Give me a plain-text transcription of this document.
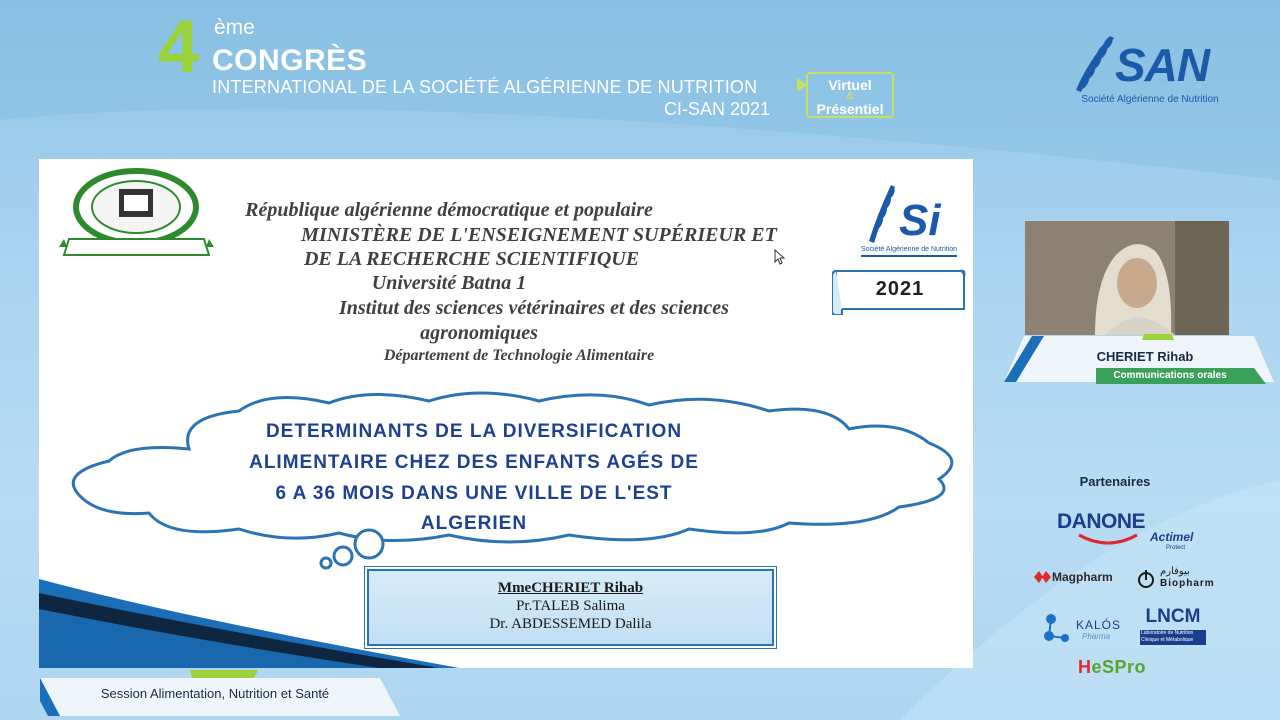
4 ème
CONGRÈS
INTERNATIONAL DE LA SOCIÉTÉ ALGÉRIENNE DE NUTRITION
CI-SAN 2021
Virtuel
&
Présentiel
SAN
Société Algérienne de Nutrition
République algérienne démocratique et populaire
MINISTÈRE DE L'ENSEIGNEMENT SUPÉRIEUR ET
DE LA RECHERCHE SCIENTIFIQUE
Université Batna 1
Institut des sciences vétérinaires et des sciences
agronomiques
Département de Technologie Alimentaire
Si
Société Algérienne de Nutrition
2021
DETERMINANTS DE LA DIVERSIFICATION
ALIMENTAIRE CHEZ DES ENFANTS AGÉS DE
6 A 36 MOIS DANS UNE VILLE DE L'EST
ALGERIEN
MmeCHERIET Rihab
Pr.TALEB Salima
Dr. ABDESSEMED Dalila
CHERIET Rihab
Communications orales
Partenaires
DANONE
Actimel
Protect
Magpharm	بيوفارم
Biopharm
KALÓS
Pharma
LNCM
Laboratoire de Nutrition Clinique et Métabolique
HeSPro
Session Alimentation, Nutrition et Santé
